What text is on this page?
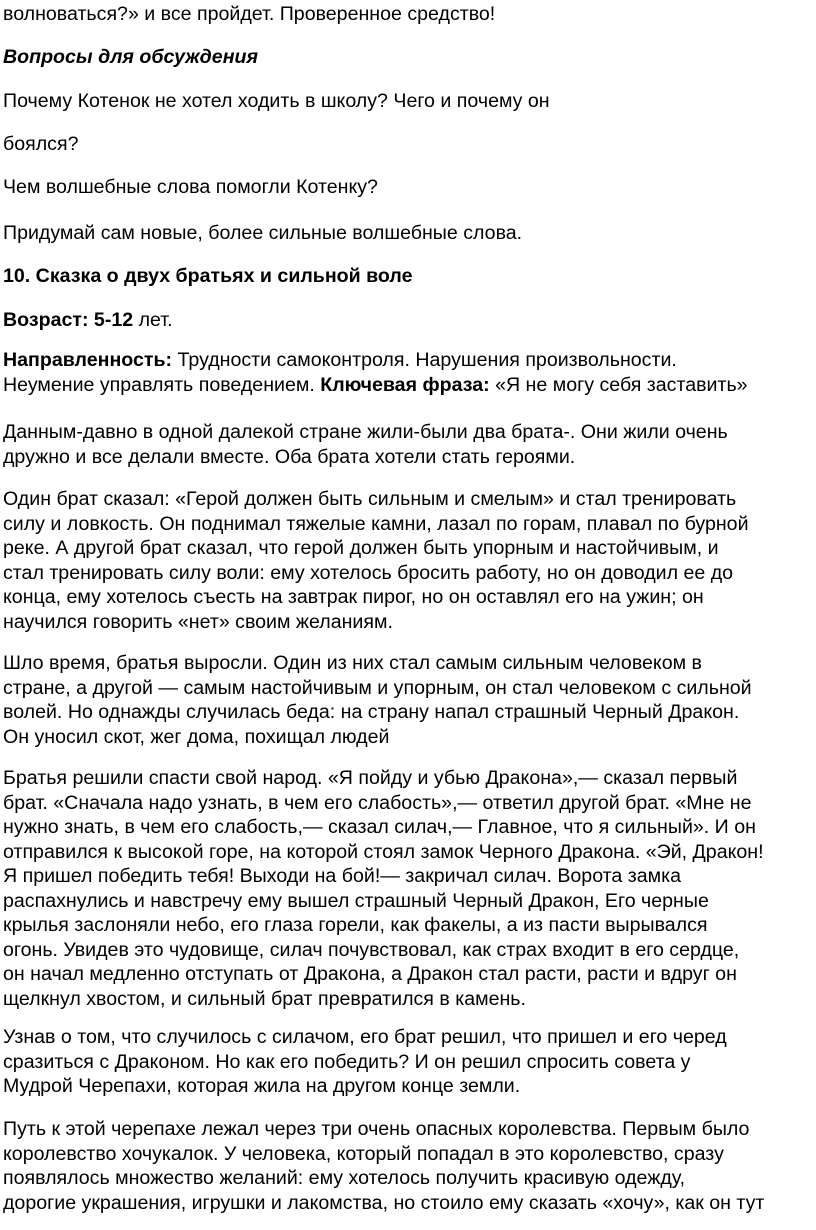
волноваться?» и все пройдет. Проверенное средство!

Вопросы для обсуждения

Почему Котенок не хотел ходить в школу? Чего и почему он

боялся?

Чем волшебные слова помогли Котенку?

Придумай сам новые, более сильные волшебные слова.

10. Сказка о двух братьях и сильной воле

Возраст: 5-12 лет.

Направленность: Трудности самоконтроля. Нарушения произвольности.
Неумение управлять поведением. Ключевая фраза: «Я не могу себя заставить»

Данным-давно в одной далекой стране жили-были два брата-. Они жили очень
дружно и все делали вместе. Оба брата хотели стать героями.

Один брат сказал: «Герой должен быть сильным и смелым» и стал тренировать
силу и ловкость. Он поднимал тяжелые камни, лазал по горам, плавал по бурной
реке. А другой брат сказал, что герой должен быть упорным и настойчивым, и
стал тренировать силу воли: ему хотелось бросить работу, но он доводил ее до
конца, ему хотелось съесть на завтрак пирог, но он оставлял его на ужин; он
научился говорить «нет» своим желаниям.

Шло время, братья выросли. Один из них стал самым сильным человеком в
стране, а другой — самым настойчивым и упорным, он стал человеком с сильной
волей. Но однажды случилась беда: на страну напал страшный Черный Дракон.
Он уносил скот, жег дома, похищал людей

Братья решили спасти свой народ. «Я пойду и убью Дракона»,— сказал первый
брат. «Сначала надо узнать, в чем его слабость»,— ответил другой брат. «Мне не
нужно знать, в чем его слабость,— сказал силач,— Главное, что я сильный». И он
отправился к высокой горе, на которой стоял замок Черного Дракона. «Эй, Дракон!
Я пришел победить тебя! Выходи на бой!— закричал силач. Ворота замка
распахнулись и навстречу ему вышел страшный Черный Дракон, Его черные
крылья заслоняли небо, его глаза горели, как факелы, а из пасти вырывался
огонь. Увидев это чудовище, силач почувствовал, как страх входит в его сердце,
он начал медленно отступать от Дракона, а Дракон стал расти, расти и вдруг он
щелкнул хвостом, и сильный брат превратился в камень.

Узнав о том, что случилось с силачом, его брат решил, что пришел и его черед
сразиться с Драконом. Но как его победить? И он решил спросить совета у
Мудрой Черепахи, которая жила на другом конце земли.

Путь к этой черепахе лежал через три очень опасных королевства. Первым было
королевство хочукалок. У человека, который попадал в это королевство, сразу
появлялось множество желаний: ему хотелось получить красивую одежду,
дорогие украшения, игрушки и лакомства, но стоило ему сказать «хочу», как он тут
